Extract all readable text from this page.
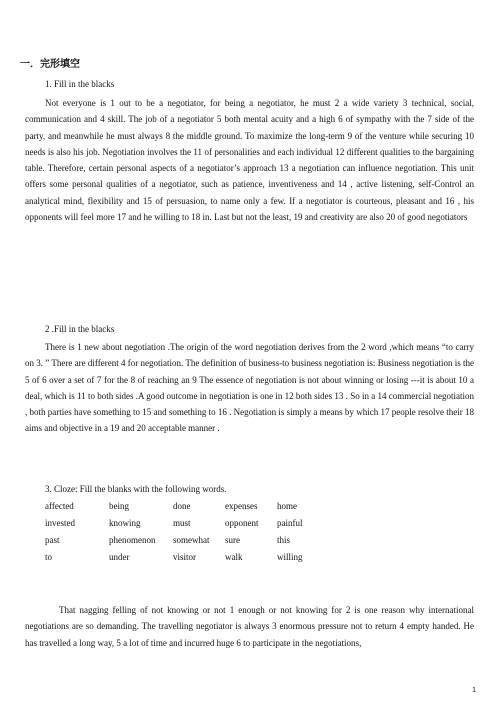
一．完形填空
1. Fill in the blacks

Not everyone is 1 out to be a negotiator, for being a negotiator, he must 2 a wide variety 3 technical, social, communication and 4 skill. The job of a negotiator 5 both mental acuity and a high 6 of sympathy with the 7 side of the party, and meanwhile he must always 8 the middle ground. To maximize the long-term 9 of the venture while securing 10 needs is also his job. Negotiation involves the 11 of personalities and each individual 12 different qualities to the bargaining table. Therefore, certain personal aspects of a negotiator’s approach 13 a negotiation can influence negotiation. This unit offers some personal qualities of a negotiator, such as patience, inventiveness and 14 , active listening, self-Control an analytical mind, flexibility and 15 of persuasion, to name only a few. If a negotiator is courteous, pleasant and 16 , his opponents will feel more 17 and he willing to 18 in. Last but not the least, 19 and creativity are also 20 of good negotiators

2 .Fill in the blacks

There is 1 new about negotiation .The origin of the word negotiation derives from the 2 word ,which means “to carry on 3. ” There are different 4 for negotiation. The definition of business-to business negotiation is: Business negotiation is the 5 of 6 over a set of 7 for the 8 of reaching an 9 The essence of negotiation is not about winning or losing ---it is about 10 a deal, which is 11 to both sides .A good outcome in negotiation is one in 12 both sides 13 . So in a 14 commercial negotiation , both parties have something to 15 and something to 16 . Negotiation is simply a means by which 17 people resolve their 18 aims and objective in a 19 and 20 acceptable manner .

3. Cloze: Fill the blanks with the following words.
affected	being	done	expenses	home
invested	knowing	must	opponent	painful
past	phenomenon	somewhat	sure	this
to	under	visitor	walk	willing

That nagging felling of not knowing or not 1 enough or not knowing for 2 is one reason why international negotiations are so demanding. The travelling negotiator is always 3 enormous pressure not to return 4 empty handed. He has travelled a long way, 5 a lot of time and incurred huge 6 to participate in the negotiations,

1
